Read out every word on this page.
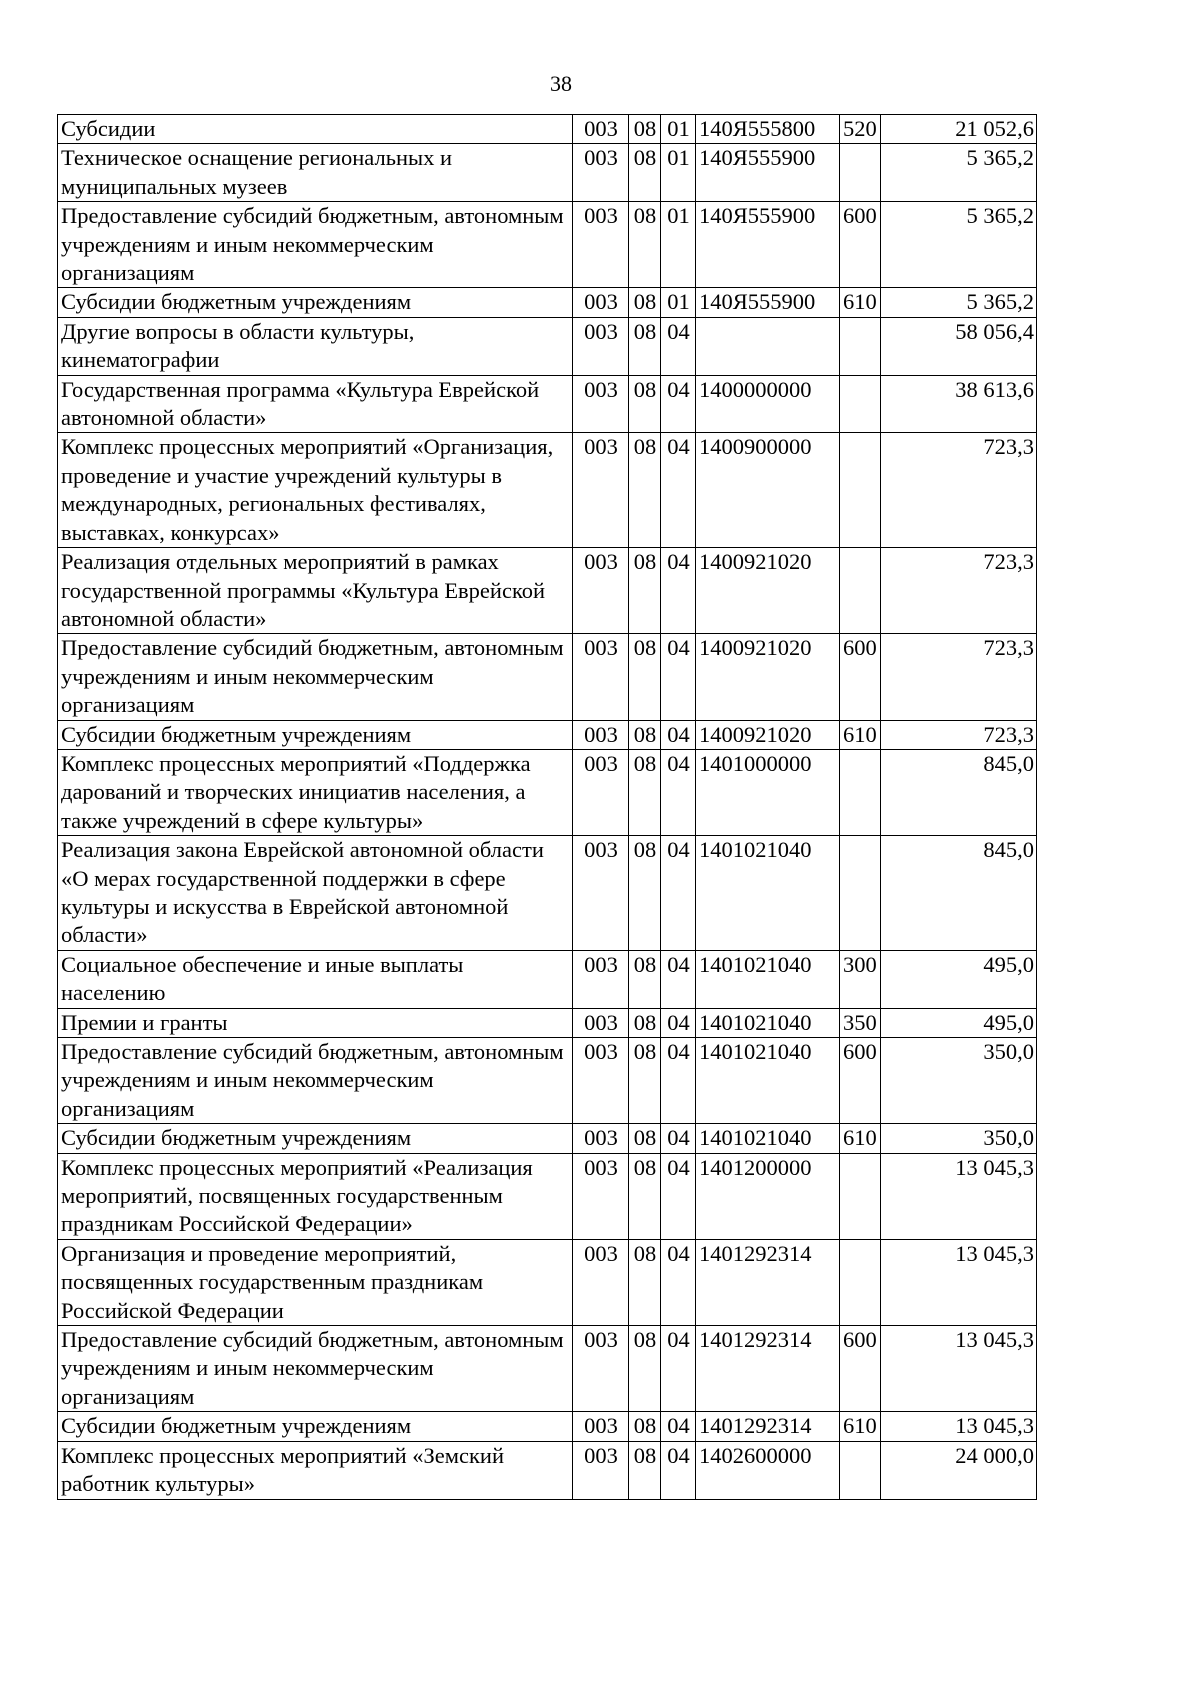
38
Субсидии	003	08	01	140Я555800	520	21 052,6
Техническое оснащение региональных и муниципальных музеев	003	08	01	140Я555900		5 365,2
Предоставление субсидий бюджетным, автономным учреждениям и иным некоммерческим организациям	003	08	01	140Я555900	600	5 365,2
Субсидии бюджетным учреждениям	003	08	01	140Я555900	610	5 365,2
Другие вопросы в области культуры, кинематографии	003	08	04			58 056,4
Государственная программа «Культура Еврейской автономной области»	003	08	04	1400000000		38 613,6
Комплекс процессных мероприятий «Организация, проведение и участие учреждений культуры в международных, региональных фестивалях, выставках, конкурсах»	003	08	04	1400900000		723,3
Реализация отдельных мероприятий в рамках государственной программы «Культура Еврейской автономной области»	003	08	04	1400921020		723,3
Предоставление субсидий бюджетным, автономным учреждениям и иным некоммерческим организациям	003	08	04	1400921020	600	723,3
Субсидии бюджетным учреждениям	003	08	04	1400921020	610	723,3
Комплекс процессных мероприятий «Поддержка дарований и творческих инициатив населения, а также учреждений в сфере культуры»	003	08	04	1401000000		845,0
Реализация закона Еврейской автономной области «О мерах государственной поддержки в сфере культуры и искусства в Еврейской автономной области»	003	08	04	1401021040		845,0
Социальное обеспечение и иные выплаты населению	003	08	04	1401021040	300	495,0
Премии и гранты	003	08	04	1401021040	350	495,0
Предоставление субсидий бюджетным, автономным учреждениям и иным некоммерческим организациям	003	08	04	1401021040	600	350,0
Субсидии бюджетным учреждениям	003	08	04	1401021040	610	350,0
Комплекс процессных мероприятий «Реализация мероприятий, посвященных государственным праздникам Российской Федерации»	003	08	04	1401200000		13 045,3
Организация и проведение мероприятий, посвященных государственным праздникам Российской Федерации	003	08	04	1401292314		13 045,3
Предоставление субсидий бюджетным, автономным учреждениям и иным некоммерческим организациям	003	08	04	1401292314	600	13 045,3
Субсидии бюджетным учреждениям	003	08	04	1401292314	610	13 045,3
Комплекс процессных мероприятий «Земский работник культуры»	003	08	04	1402600000		24 000,0
